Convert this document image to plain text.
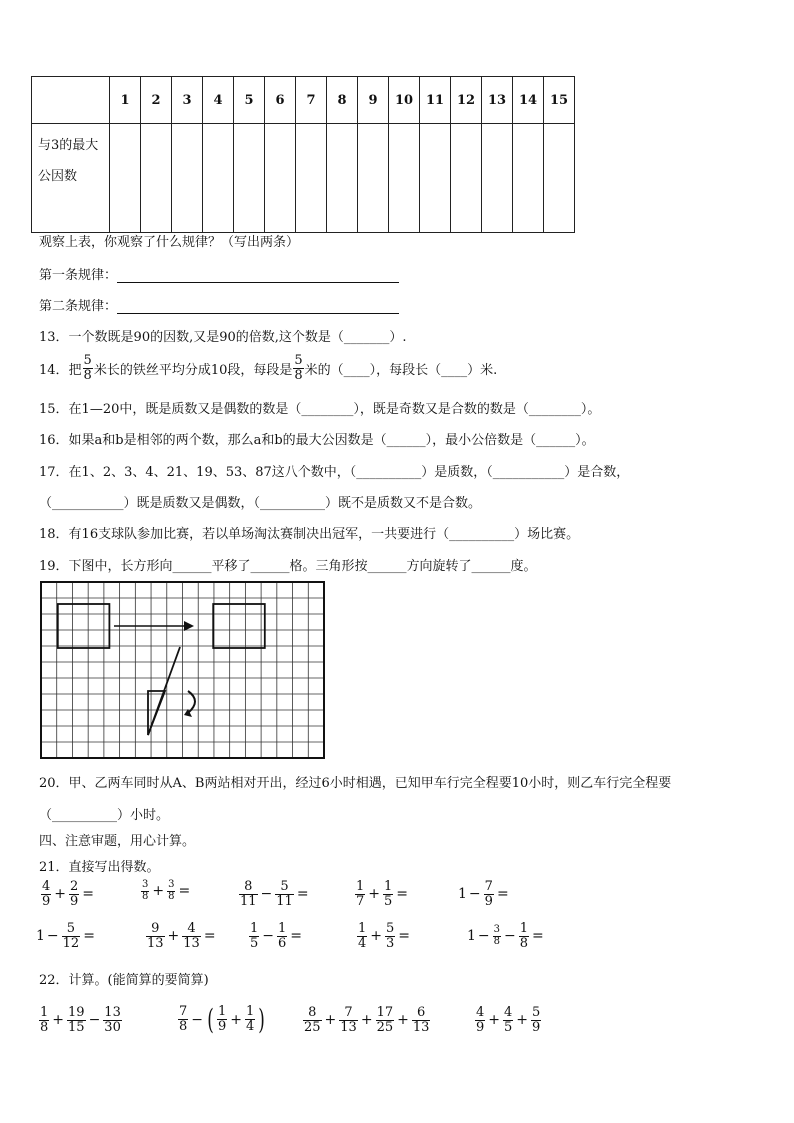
	1	2	3	4	5	6	7	8	9	10	11	12	13	14	15
与3的最大公因数															
观察上表，你观察了什么规律？（写出两条）
第一条规律：
第二条规律：
13．一个数既是90的因数,又是90的倍数,这个数是（_______）.
14．把 $\frac{5}{8}$ 米长的铁丝平均分成10段，每段是 $\frac{5}{8}$ 米的（____），每段长（____）米.
15．在1—20中，既是质数又是偶数的数是（________），既是奇数又是合数的数是（________）。
16．如果a和b是相邻的两个数，那么a和b的最大公因数是（______），最小公倍数是（______）。
17．在1、2、3、4、21、19、53、87这八个数中，（__________）是质数，（___________）是合数，
（___________）既是质数又是偶数，（__________）既不是质数又不是合数。
18．有16支球队参加比赛，若以单场淘汰赛制决出冠军，一共要进行（__________）场比赛。
19．下图中，长方形向______平移了______格。三角形按______方向旋转了______度。
20．甲、乙两车同时从A、B两站相对开出，经过6小时相遇，已知甲车行完全程要10小时，则乙车行完全程要
（__________）小时。
四、注意审题，用心计算。
21．直接写出得数。
$\frac{4}{9} + \frac{2}{9}$ =	$\frac{3}{8} + \frac{3}{8}$ =	$\frac{8}{11} - \frac{5}{11}$ =	$\frac{1}{7} + \frac{1}{5}$ =	$1 - \frac{7}{9}$ =
$1 - \frac{5}{12}$ =	$\frac{9}{13} + \frac{4}{13}$ =	$\frac{1}{5} - \frac{1}{6}$ =	$\frac{1}{4} + \frac{5}{3}$ =	$1 - \frac{3}{8} - \frac{1}{8}$ =
22．计算。(能简算的要简算)
$\frac{1}{8} + \frac{19}{15} - \frac{13}{30}$	$\frac{7}{8}$ − ( $\frac{1}{9} + \frac{1}{4}$ )	$\frac{8}{25} + \frac{7}{13} + \frac{17}{25} + \frac{6}{13}$	$\frac{4}{9} + \frac{4}{5} + \frac{5}{9}$
